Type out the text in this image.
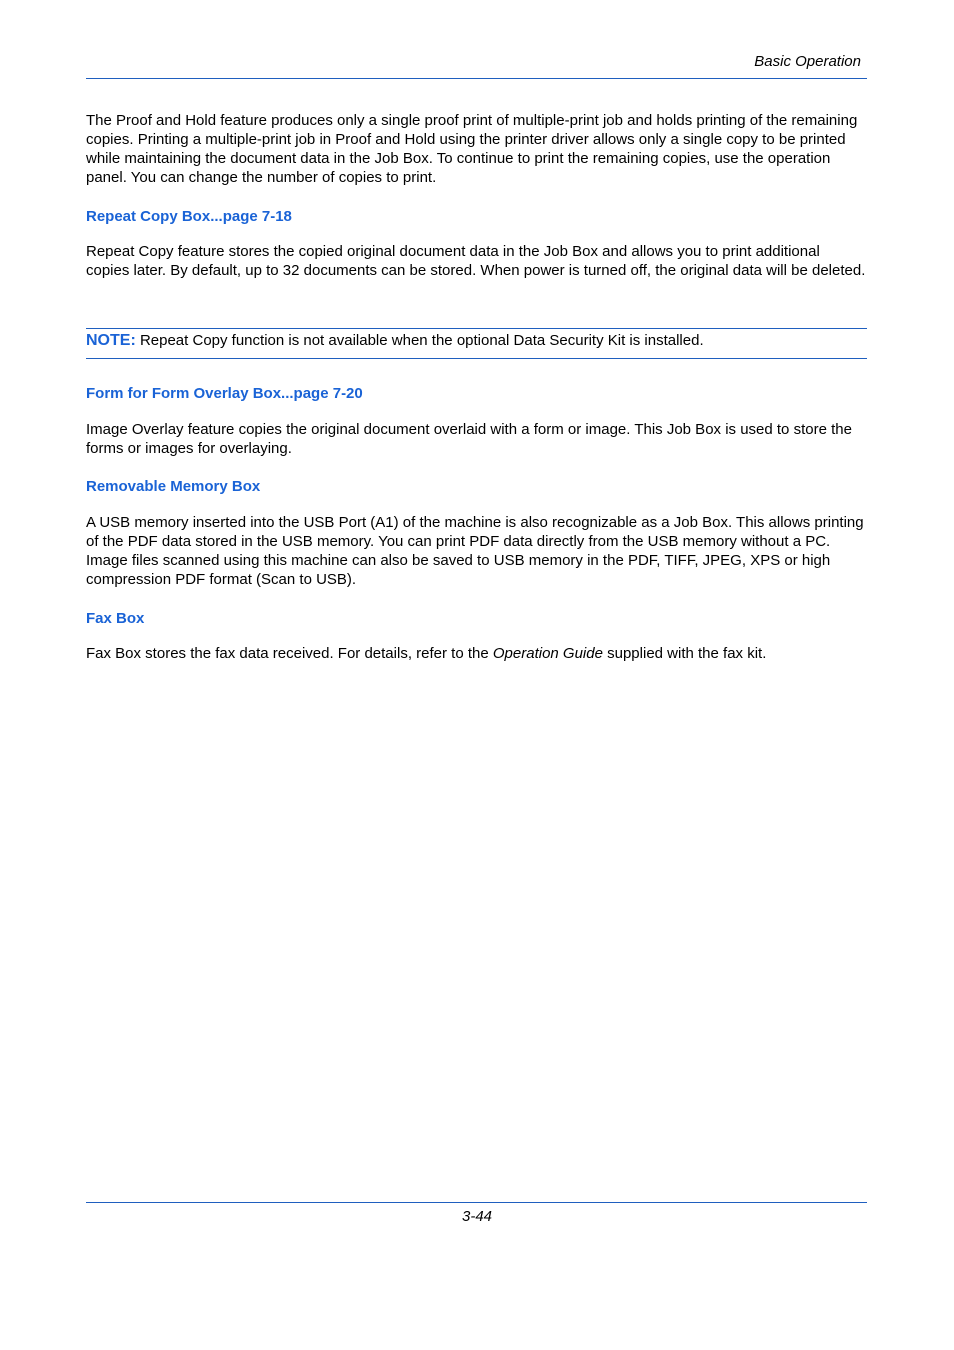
Basic Operation

The Proof and Hold feature produces only a single proof print of multiple-print job and holds printing of the remaining copies. Printing a multiple-print job in Proof and Hold using the printer driver allows only a single copy to be printed while maintaining the document data in the Job Box. To continue to print the remaining copies, use the operation panel. You can change the number of copies to print.

Repeat Copy Box...page 7-18

Repeat Copy feature stores the copied original document data in the Job Box and allows you to print additional copies later. By default, up to 32 documents can be stored. When power is turned off, the original data will be deleted.

NOTE: Repeat Copy function is not available when the optional Data Security Kit is installed.
Form for Form Overlay Box...page 7-20

Image Overlay feature copies the original document overlaid with a form or image. This Job Box is used to store the forms or images for overlaying.

Removable Memory Box

A USB memory inserted into the USB Port (A1) of the machine is also recognizable as a Job Box. This allows printing of the PDF data stored in the USB memory. You can print PDF data directly from the USB memory without a PC. Image files scanned using this machine can also be saved to USB memory in the PDF, TIFF, JPEG, XPS or high compression PDF format (Scan to USB).

Fax Box

Fax Box stores the fax data received. For details, refer to the Operation Guide supplied with the fax kit.

3-44
